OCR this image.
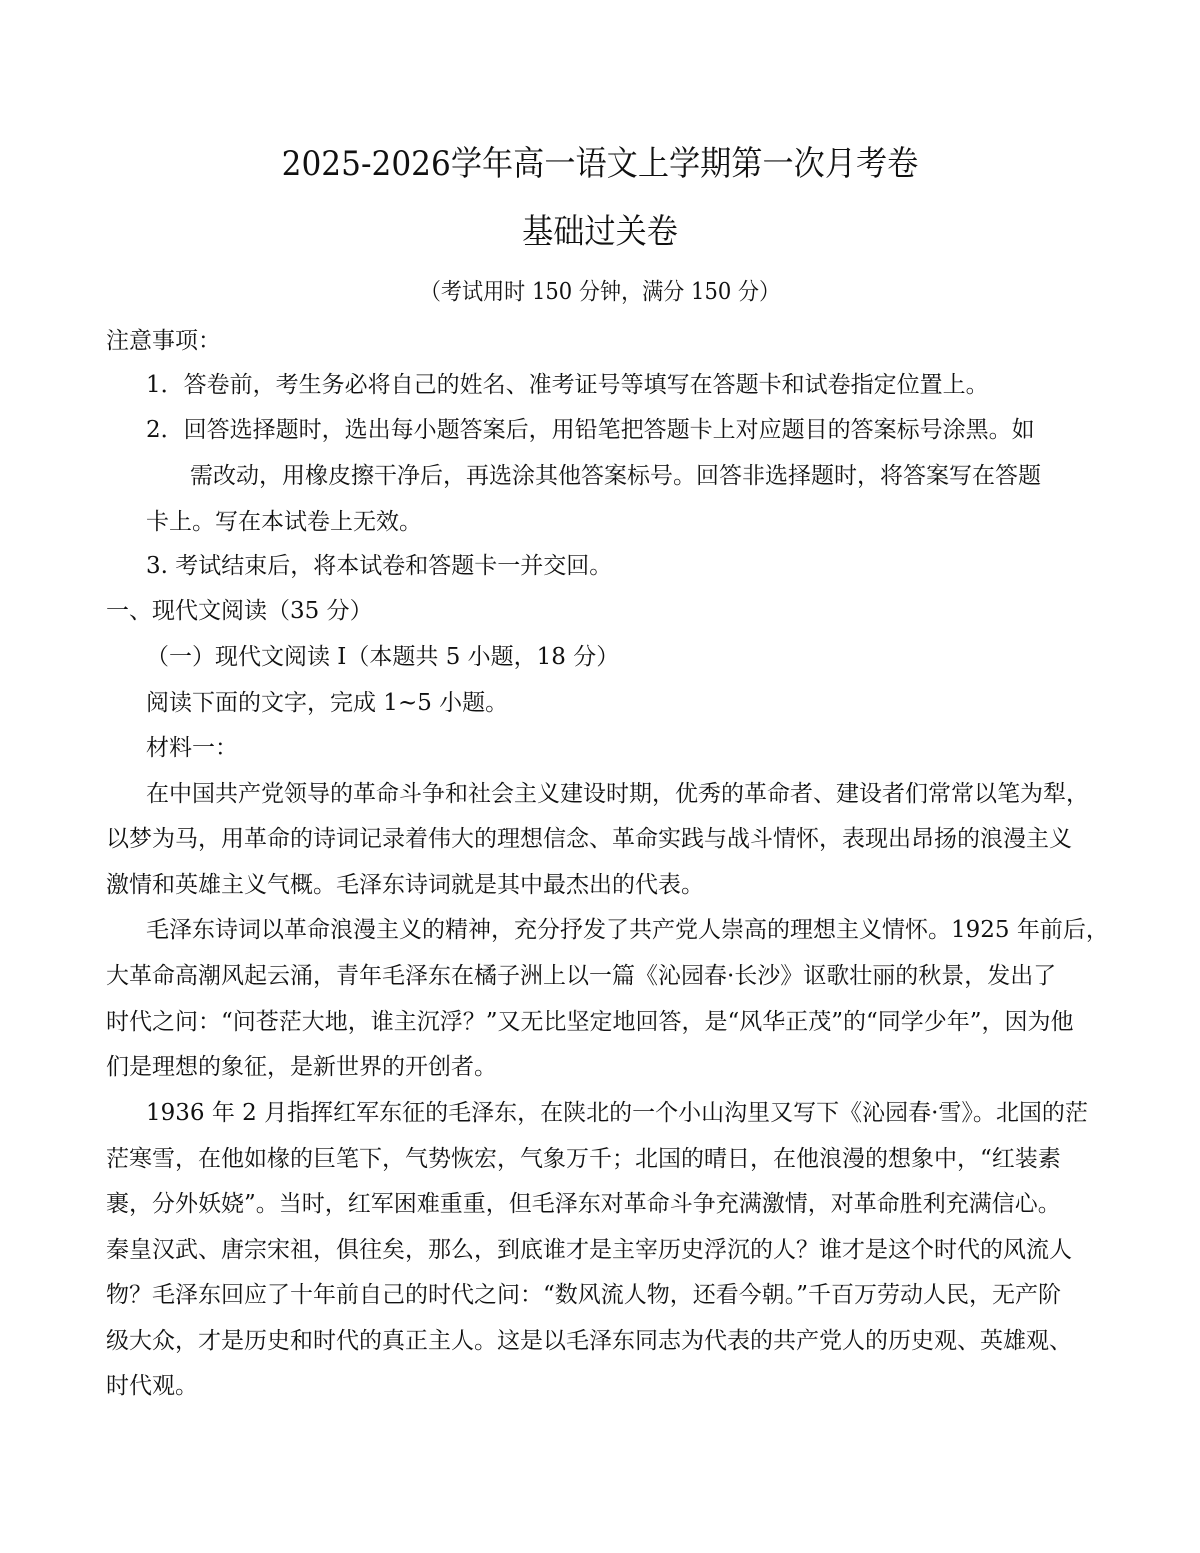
2025-2026学年高一语文上学期第一次月考卷
基础过关卷
（考试用时 150 分钟，满分 150 分）
注意事项：
1．答卷前，考生务必将自己的姓名、准考证号等填写在答题卡和试卷指定位置上。
2．回答选择题时，选出每小题答案后，用铅笔把答题卡上对应题目的答案标号涂黑。如
需改动，用橡皮擦干净后，再选涂其他答案标号。回答非选择题时，将答案写在答题
卡上。写在本试卷上无效。
3. 考试结束后，将本试卷和答题卡一并交回。
一、现代文阅读（35 分）
（一）现代文阅读 I（本题共 5 小题，18 分）
阅读下面的文字，完成 1~5 小题。
材料一：
在中国共产党领导的革命斗争和社会主义建设时期，优秀的革命者、建设者们常常以笔为犁，
以梦为马，用革命的诗词记录着伟大的理想信念、革命实践与战斗情怀，表现出昂扬的浪漫主义
激情和英雄主义气概。毛泽东诗词就是其中最杰出的代表。
毛泽东诗词以革命浪漫主义的精神，充分抒发了共产党人崇高的理想主义情怀。1925 年前后，
大革命高潮风起云涌，青年毛泽东在橘子洲上以一篇《沁园春·长沙》讴歌壮丽的秋景，发出了
时代之问：“问苍茫大地，谁主沉浮？”又无比坚定地回答，是“风华正茂”的“同学少年”，因为他
们是理想的象征，是新世界的开创者。
1936 年 2 月指挥红军东征的毛泽东，在陕北的一个小山沟里又写下《沁园春·雪》。北国的茫
茫寒雪，在他如椽的巨笔下，气势恢宏，气象万千；北国的晴日，在他浪漫的想象中，“红装素
裹，分外妖娆”。当时，红军困难重重，但毛泽东对革命斗争充满激情，对革命胜利充满信心。
秦皇汉武、唐宗宋祖，俱往矣，那么，到底谁才是主宰历史浮沉的人？谁才是这个时代的风流人
物？毛泽东回应了十年前自己的时代之问：“数风流人物，还看今朝。”千百万劳动人民，无产阶
级大众，才是历史和时代的真正主人。这是以毛泽东同志为代表的共产党人的历史观、英雄观、
时代观。
